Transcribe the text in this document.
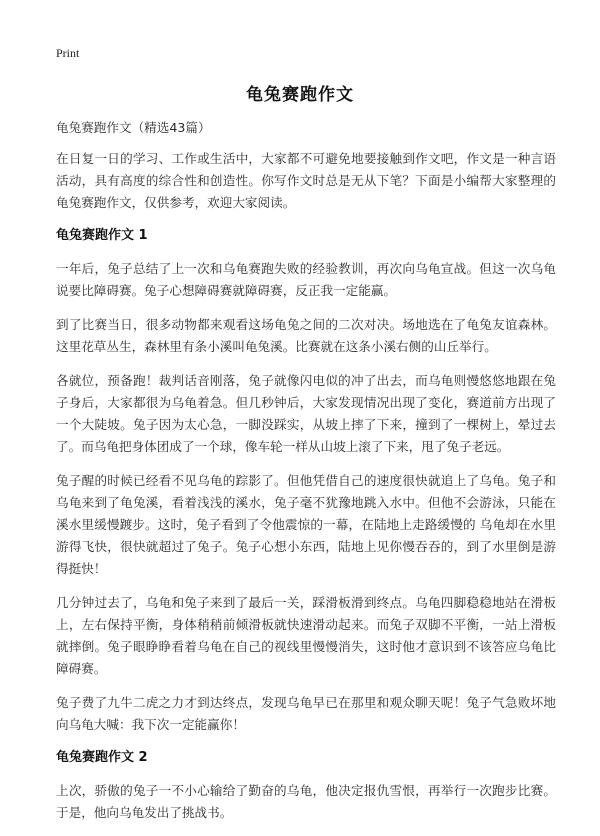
Print
龟兔赛跑作文

龟兔赛跑作文（精选43篇）

在日复一日的学习、工作或生活中，大家都不可避免地要接触到作文吧，作文是一种言语活动，具有高度的综合性和创造性。你写作文时总是无从下笔？下面是小编帮大家整理的龟兔赛跑作文，仅供参考，欢迎大家阅读。

龟兔赛跑作文 1

一年后，兔子总结了上一次和乌龟赛跑失败的经验教训，再次向乌龟宣战。但这一次乌龟说要比障碍赛。兔子心想障碍赛就障碍赛，反正我一定能赢。

到了比赛当日，很多动物都来观看这场龟兔之间的二次对决。场地选在了龟兔友谊森林。这里花草丛生，森林里有条小溪叫龟兔溪。比赛就在这条小溪右侧的山丘举行。

各就位，预备跑！裁判话音刚落，兔子就像闪电似的冲了出去，而乌龟则慢悠悠地跟在兔子身后，大家都很为乌龟着急。但几秒钟后，大家发现情况出现了变化，赛道前方出现了一个大陡坡。兔子因为太心急，一脚没踩实，从坡上摔了下来，撞到了一棵树上，晕过去了。而乌龟把身体团成了一个球，像车轮一样从山坡上滚了下来，甩了兔子老远。

兔子醒的时候已经看不见乌龟的踪影了。但他凭借自己的速度很快就追上了乌龟。兔子和乌龟来到了龟兔溪，看着浅浅的溪水，兔子毫不犹豫地跳入水中。但他不会游泳，只能在溪水里缓慢踱步。这时，兔子看到了令他震惊的一幕，在陆地上走路缓慢的 乌龟却在水里游得飞快，很快就超过了兔子。兔子心想小东西，陆地上见你慢吞吞的，到了水里倒是游得挺快！

几分钟过去了，乌龟和兔子来到了最后一关，踩滑板滑到终点。乌龟四脚稳稳地站在滑板上，左右保持平衡，身体稍稍前倾滑板就快速滑动起来。而兔子双脚不平衡，一站上滑板就摔倒。兔子眼睁睁看着乌龟在自己的视线里慢慢消失，这时他才意识到不该答应乌龟比障碍赛。

兔子费了九牛二虎之力才到达终点，发现乌龟早已在那里和观众聊天呢！兔子气急败坏地向乌龟大喊：我下次一定能赢你！

龟兔赛跑作文 2

上次，骄傲的兔子一不小心输给了勤奋的乌龟，他决定报仇雪恨，再举行一次跑步比赛。于是，他向乌龟发出了挑战书。
